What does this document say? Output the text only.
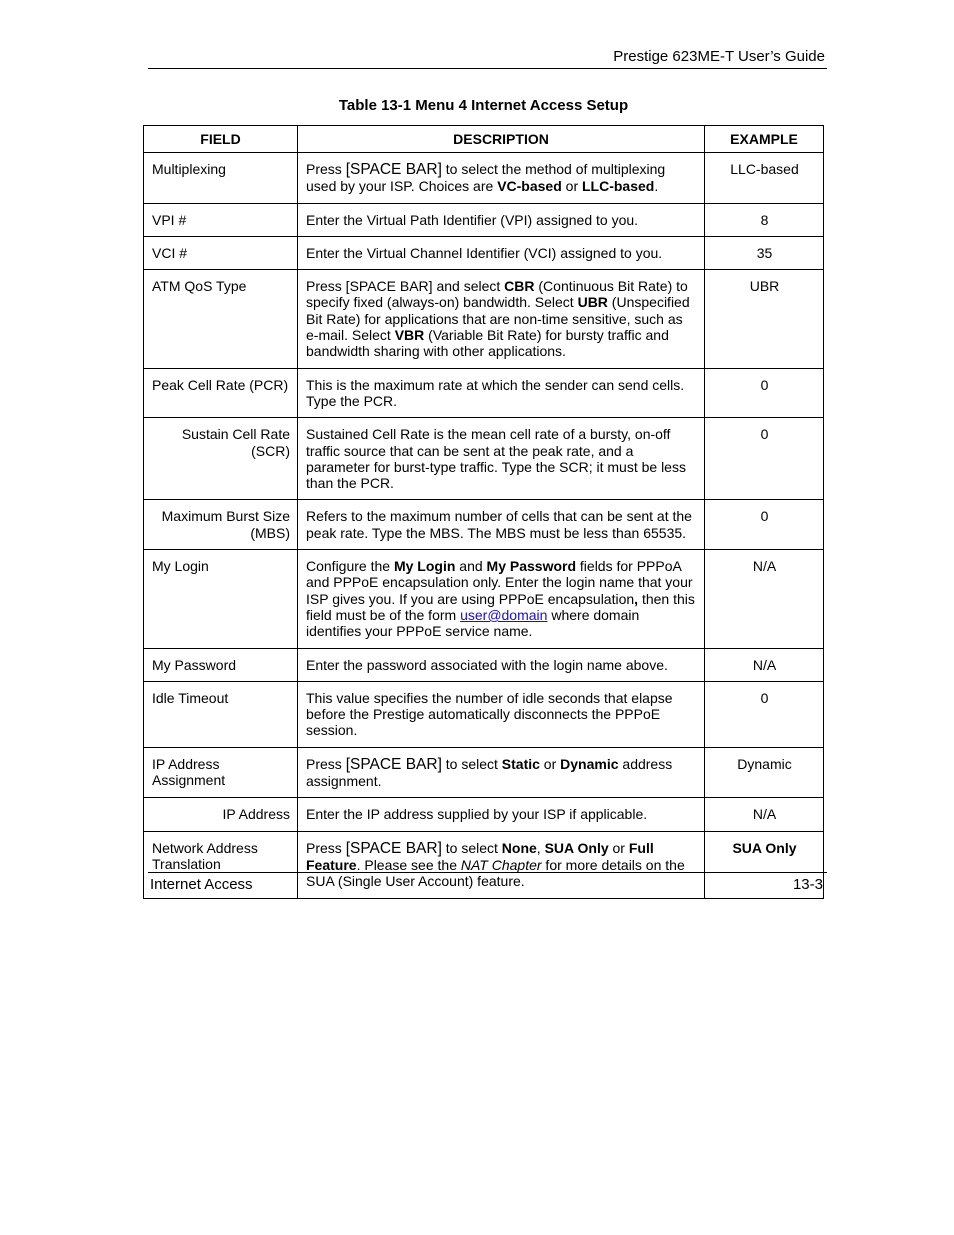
Prestige 623ME-T User’s Guide
Table 13-1 Menu 4 Internet Access Setup
FIELD	DESCRIPTION	EXAMPLE
Multiplexing	Press [SPACE BAR] to select the method of multiplexing used by your ISP. Choices are VC-based or LLC-based.	LLC-based
VPI #	Enter the Virtual Path Identifier (VPI) assigned to you.	8
VCI #	Enter the Virtual Channel Identifier (VCI) assigned to you.	35
ATM QoS Type	Press [SPACE BAR] and select CBR (Continuous Bit Rate) to specify fixed (always-on) bandwidth. Select UBR (Unspecified Bit Rate) for applications that are non-time sensitive, such as e-mail. Select VBR (Variable Bit Rate) for bursty traffic and bandwidth sharing with other applications.	UBR
Peak Cell Rate (PCR)	This is the maximum rate at which the sender can send cells. Type the PCR.	0
Sustain Cell Rate (SCR)	Sustained Cell Rate is the mean cell rate of a bursty, on-off traffic source that can be sent at the peak rate, and a parameter for burst-type traffic. Type the SCR; it must be less than the PCR.	0
Maximum Burst Size (MBS)	Refers to the maximum number of cells that can be sent at the peak rate. Type the MBS. The MBS must be less than 65535.	0
My Login	Configure the My Login and My Password fields for PPPoA and PPPoE encapsulation only. Enter the login name that your ISP gives you. If you are using PPPoE encapsulation, then this field must be of the form user@domain where domain identifies your PPPoE service name.	N/A
My Password	Enter the password associated with the login name above.	N/A
Idle Timeout	This value specifies the number of idle seconds that elapse before the Prestige automatically disconnects the PPPoE session.	0
IP Address Assignment	Press [SPACE BAR] to select Static or Dynamic address assignment.	Dynamic
IP Address	Enter the IP address supplied by your ISP if applicable.	N/A
Network Address Translation	Press [SPACE BAR] to select None, SUA Only or Full Feature. Please see the NAT Chapter for more details on the SUA (Single User Account) feature.	SUA Only
Internet Access	13-3
